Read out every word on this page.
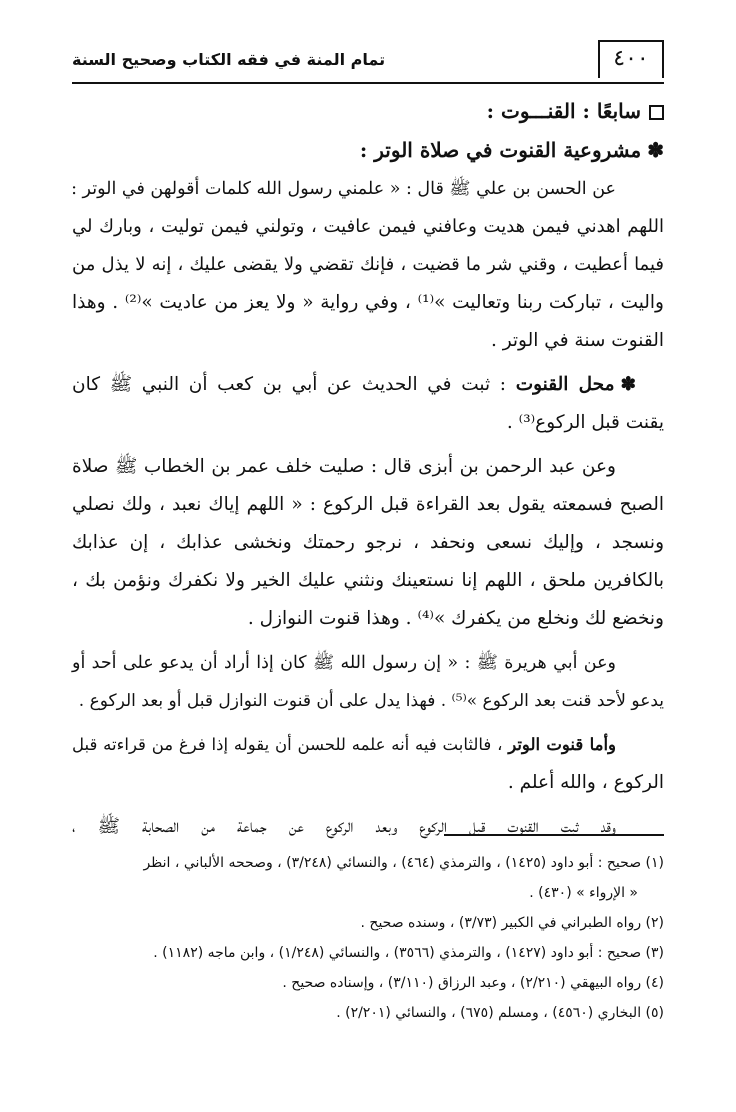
٤٠٠
تمام المنة في فقه الكتاب وصحيح السنة
سابعًا : القنـــوت :
✽مشروعية القنوت في صلاة الوتر :
عن الحسن بن علي ﷺ قال : « علمني رسول الله كلمات أقولهن في الوتر :
اللهم اهدني فيمن هديت وعافني فيمن عافيت ، وتولني فيمن توليت ، وبارك لي
فيما أعطيت ، وقني شر ما قضيت ، فإنك تقضي ولا يقضى عليك ، إنه لا يذل من
واليت ، تباركت ربنا وتعاليت »⁽¹⁾ ، وفي رواية « ولا يعز من عاديت »⁽²⁾ . وهذا
القنوت سنة في الوتر .
✽محل القنوت : ثبت في الحديث عن أبي بن كعب أن النبي ﷺ كان
يقنت قبل الركوع⁽³⁾ .
وعن عبد الرحمن بن أبزى قال : صليت خلف عمر بن الخطاب ﷺ صلاة
الصبح فسمعته يقول بعد القراءة قبل الركوع : « اللهم إياك نعبد ، ولك نصلي
ونسجد ، وإليك نسعى ونحفد ، نرجو رحمتك ونخشى عذابك ، إن عذابك
بالكافرين ملحق ، اللهم إنا نستعينك ونثني عليك الخير ولا نكفرك ونؤمن بك ،
ونخضع لك ونخلع من يكفرك »⁽⁴⁾ . وهذا قنوت النوازل .
وعن أبي هريرة ﷺ : « إن رسول الله ﷺ كان إذا أراد أن يدعو على أحد أو
يدعو لأحد قنت بعد الركوع »⁽⁵⁾ . فهذا يدل على أن قنوت النوازل قبل أو بعد الركوع .
وأما قنوت الوتر ، فالثابت فيه أنه علمه للحسن أن يقوله إذا فرغ من قراءته قبل
الركوع ، والله أعلم .
وقد ثبت القنوت قبل الركوع وبعد الركوع عن جماعة من الصحابة ﷺ ،
(١) صحيح : أبو داود (١٤٢٥) ، والترمذي (٤٦٤) ، والنسائي (٣/٢٤٨) ، وصححه الألباني ، انظر
« الإرواء » (٤٣٠) .
(٢) رواه الطبراني في الكبير (٣/٧٣) ، وسنده صحيح .
(٣) صحيح : أبو داود (١٤٢٧) ، والترمذي (٣٥٦٦) ، والنسائي (١/٢٤٨) ، وابن ماجه (١١٨٢) .
(٤) رواه البيهقي (٢/٢١٠) ، وعبد الرزاق (٣/١١٠) ، وإسناده صحيح .
(٥) البخاري (٤٥٦٠) ، ومسلم (٦٧٥) ، والنسائي (٢/٢٠١) .
